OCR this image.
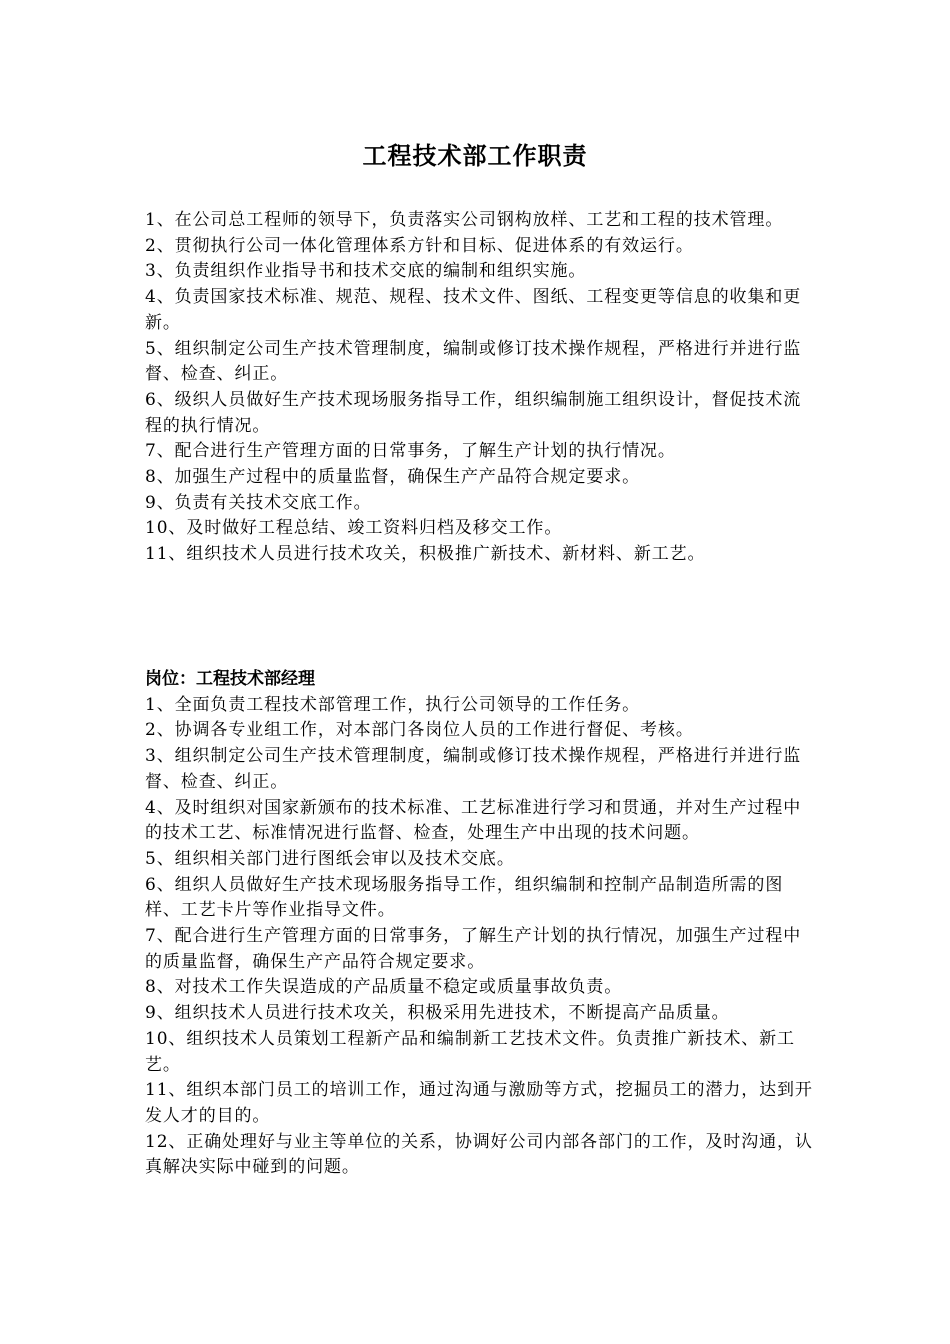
工程技术部工作职责

1、在公司总工程师的领导下，负责落实公司钢构放样、工艺和工程的技术管理。

2、贯彻执行公司一体化管理体系方针和目标、促进体系的有效运行。

3、负责组织作业指导书和技术交底的编制和组织实施。

4、负责国家技术标准、规范、规程、技术文件、图纸、工程变更等信息的收集和更新。

5、组织制定公司生产技术管理制度，编制或修订技术操作规程，严格进行并进行监督、检查、纠正。

6、级织人员做好生产技术现场服务指导工作，组织编制施工组织设计，督促技术流程的执行情况。

7、配合进行生产管理方面的日常事务，了解生产计划的执行情况。

8、加强生产过程中的质量监督，确保生产产品符合规定要求。

9、负责有关技术交底工作。

10、及时做好工程总结、竣工资料归档及移交工作。

11、组织技术人员进行技术攻关，积极推广新技术、新材料、新工艺。

岗位：工程技术部经理

1、全面负责工程技术部管理工作，执行公司领导的工作任务。

2、协调各专业组工作，对本部门各岗位人员的工作进行督促、考核。

3、组织制定公司生产技术管理制度，编制或修订技术操作规程，严格进行并进行监督、检查、纠正。

4、及时组织对国家新颁布的技术标准、工艺标准进行学习和贯通，并对生产过程中的技术工艺、标准情况进行监督、检查，处理生产中出现的技术问题。

5、组织相关部门进行图纸会审以及技术交底。

6、组织人员做好生产技术现场服务指导工作，组织编制和控制产品制造所需的图样、工艺卡片等作业指导文件。

7、配合进行生产管理方面的日常事务，了解生产计划的执行情况，加强生产过程中的质量监督，确保生产产品符合规定要求。

8、对技术工作失误造成的产品质量不稳定或质量事故负责。

9、组织技术人员进行技术攻关，积极采用先进技术，不断提高产品质量。

10、组织技术人员策划工程新产品和编制新工艺技术文件。负责推广新技术、新工艺。

11、组织本部门员工的培训工作，通过沟通与激励等方式，挖掘员工的潜力，达到开发人才的目的。

12、正确处理好与业主等单位的关系，协调好公司内部各部门的工作，及时沟通，认真解决实际中碰到的问题。
